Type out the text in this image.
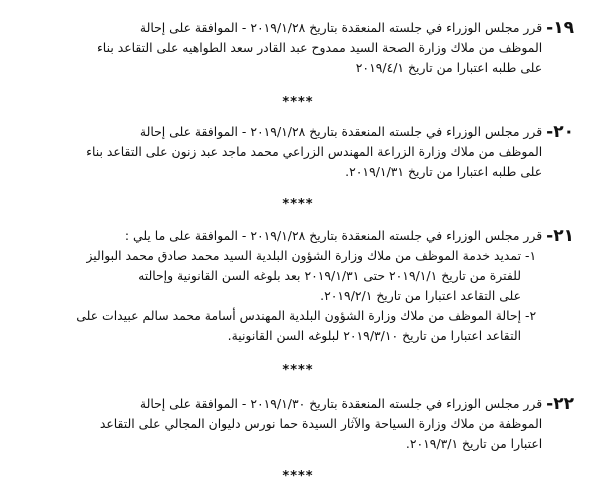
١٩-
قرر مجلس الوزراء في جلسته المنعقدة بتاريخ ٢٠١٩/١/٢٨ - الموافقة على إحالة
الموظف من ملاك وزارة الصحة السيد ممدوح عبد القادر سعد الطواهيه على التقاعد بناء
على طلبه اعتبارا من تاريخ ٢٠١٩/٤/١
****
٢٠-
قرر مجلس الوزراء في جلسته المنعقدة بتاريخ ٢٠١٩/١/٢٨ - الموافقة على إحالة
الموظف من ملاك وزارة الزراعة المهندس الزراعي محمد ماجد عبد زنون على التقاعد بناء
على طلبه اعتبارا من تاريخ ٢٠١٩/١/٣١.
****
٢١-
قرر مجلس الوزراء في جلسته المنعقدة بتاريخ ٢٠١٩/١/٢٨ - الموافقة على ما يلي :
١-
تمديد خدمة الموظف من ملاك وزارة الشؤون البلدية السيد محمد صادق محمد البواليز
للفترة من تاريخ ٢٠١٩/١/١ حتى ٢٠١٩/١/٣١ بعد بلوغه السن القانونية وإحالته
على التقاعد اعتبارا من تاريخ ٢٠١٩/٢/١.
٢-
إحالة الموظف من ملاك وزارة الشؤون البلدية المهندس أسامة محمد سالم عبيدات على
التقاعد اعتبارا من تاريخ ٢٠١٩/٣/١٠ لبلوغه السن القانونية.
****
٢٢-
قرر مجلس الوزراء في جلسته المنعقدة بتاريخ ٢٠١٩/١/٣٠ - الموافقة على إحالة
الموظفة من ملاك وزارة السياحة والآثار السيدة حما نورس دليوان المجالي على التقاعد
اعتبارا من تاريخ ٢٠١٩/٣/١.
****
